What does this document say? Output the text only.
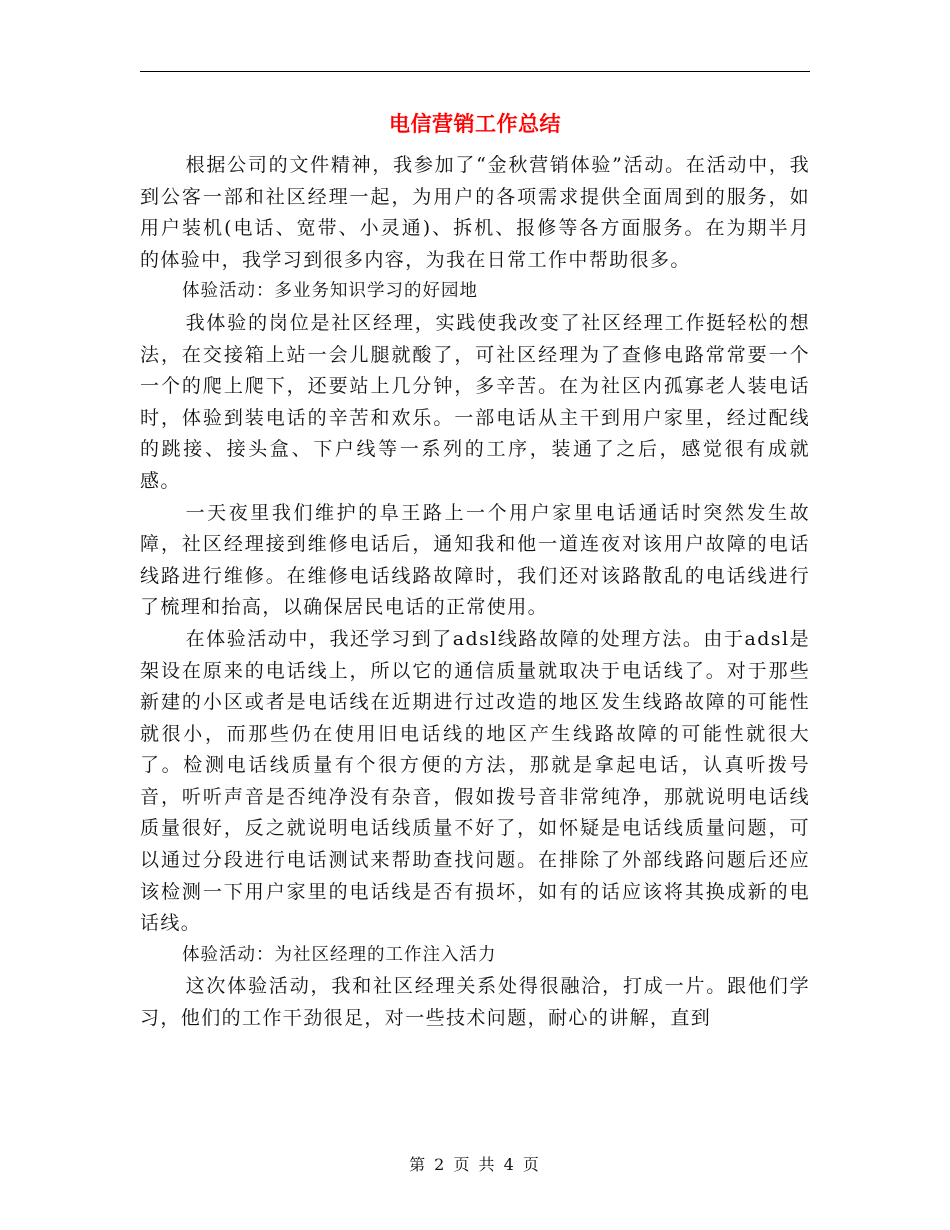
电信营销工作总结

根据公司的文件精神，我参加了“金秋营销体验”活动。在活动中，我到公客一部和社区经理一起，为用户的各项需求提供全面周到的服务，如用户装机(电话、宽带、小灵通)、拆机、报修等各方面服务。在为期半月的体验中，我学习到很多内容，为我在日常工作中帮助很多。

体验活动：多业务知识学习的好园地

我体验的岗位是社区经理，实践使我改变了社区经理工作挺轻松的想法，在交接箱上站一会儿腿就酸了，可社区经理为了查修电路常常要一个一个的爬上爬下，还要站上几分钟，多辛苦。在为社区内孤寡老人装电话时，体验到装电话的辛苦和欢乐。一部电话从主干到用户家里，经过配线的跳接、接头盒、下户线等一系列的工序，装通了之后，感觉很有成就感。

一天夜里我们维护的阜王路上一个用户家里电话通话时突然发生故障，社区经理接到维修电话后，通知我和他一道连夜对该用户故障的电话线路进行维修。在维修电话线路故障时，我们还对该路散乱的电话线进行了梳理和抬高，以确保居民电话的正常使用。

在体验活动中，我还学习到了adsl线路故障的处理方法。由于adsl是架设在原来的电话线上，所以它的通信质量就取决于电话线了。对于那些新建的小区或者是电话线在近期进行过改造的地区发生线路故障的可能性就很小，而那些仍在使用旧电话线的地区产生线路故障的可能性就很大了。检测电话线质量有个很方便的方法，那就是拿起电话，认真听拨号音，听听声音是否纯净没有杂音，假如拨号音非常纯净，那就说明电话线质量很好，反之就说明电话线质量不好了，如怀疑是电话线质量问题，可以通过分段进行电话测试来帮助查找问题。在排除了外部线路问题后还应该检测一下用户家里的电话线是否有损坏，如有的话应该将其换成新的电话线。

体验活动：为社区经理的工作注入活力

这次体验活动，我和社区经理关系处得很融洽，打成一片。跟他们学习，他们的工作干劲很足，对一些技术问题，耐心的讲解，直到

第 2 页 共 4 页
